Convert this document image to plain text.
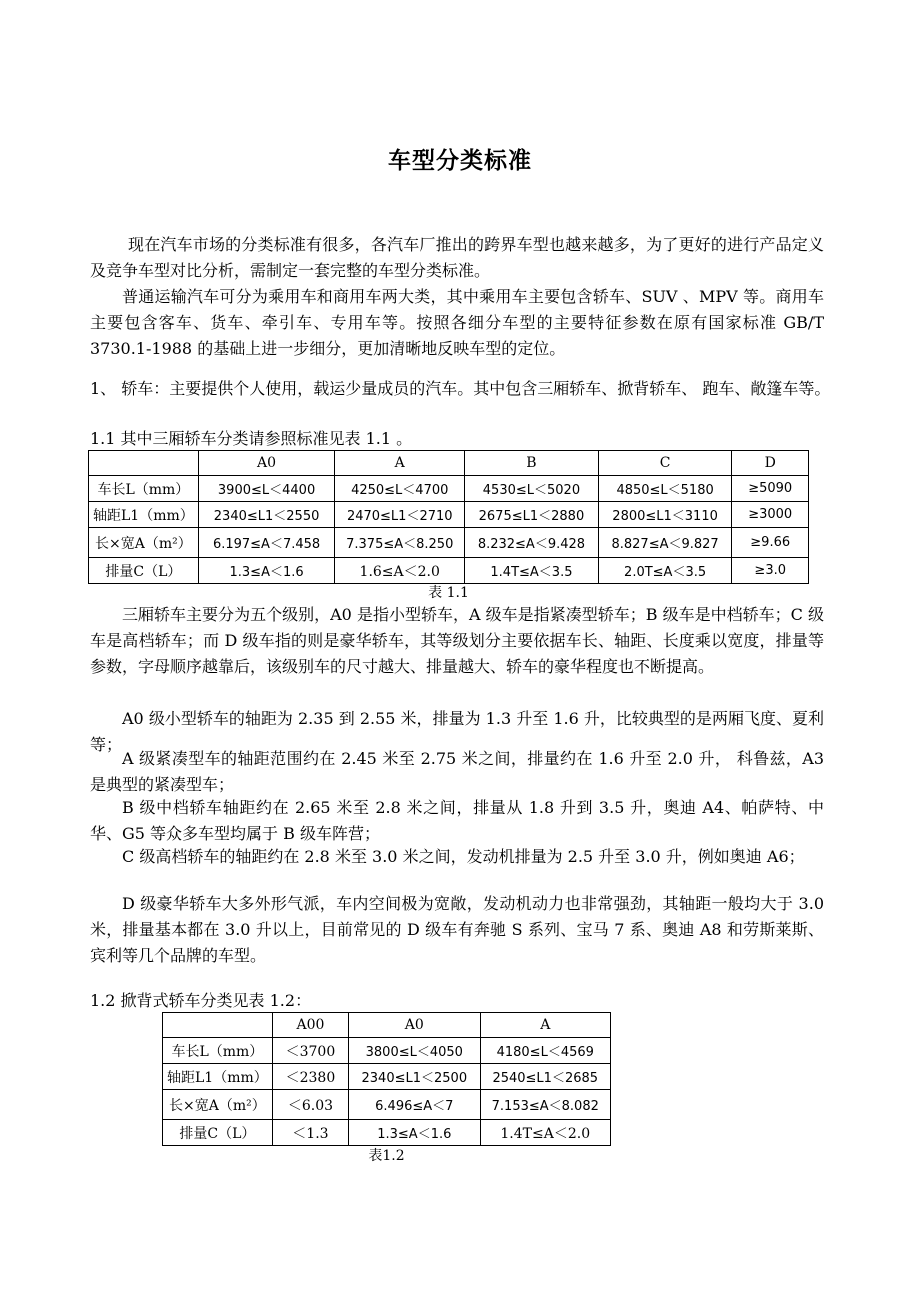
车型分类标准

现在汽车市场的分类标准有很多，各汽车厂推出的跨界车型也越来越多，为了更好的进行产品定义及竞争车型对比分析，需制定一套完整的车型分类标准。

普通运输汽车可分为乘用车和商用车两大类，其中乘用车主要包含轿车、SUV 、MPV 等。商用车主要包含客车、货车、牵引车、专用车等。按照各细分车型的主要特征参数在原有国家标准 GB/T 3730.1-1988 的基础上进一步细分，更加清晰地反映车型的定位。

1、 轿车：主要提供个人使用，载运少量成员的汽车。其中包含三厢轿车、掀背轿车、 跑车、敞篷车等。

1.1 其中三厢轿车分类请参照标准见表 1.1 。

	A0	A	B	C	D
车长L（mm）	3900≤L＜4400	4250≤L＜4700	4530≤L＜5020	4850≤L＜5180	≥5090
轴距L1（mm）	2340≤L1＜2550	2470≤L1＜2710	2675≤L1＜2880	2800≤L1＜3110	≥3000
长×宽A（m²）	6.197≤A＜7.458	7.375≤A＜8.250	8.232≤A＜9.428	8.827≤A＜9.827	≥9.66
排量C（L）	1.3≤A＜1.6	1.6≤A＜2.0	1.4T≤A＜3.5	2.0T≤A＜3.5	≥3.0

表 1.1

三厢轿车主要分为五个级别，A0 是指小型轿车，A 级车是指紧凑型轿车；B 级车是中档轿车；C 级车是高档轿车；而 D 级车指的则是豪华轿车，其等级划分主要依据车长、轴距、长度乘以宽度，排量等参数，字母顺序越靠后，该级别车的尺寸越大、排量越大、轿车的豪华程度也不断提高。

A0 级小型轿车的轴距为 2.35 到 2.55 米，排量为 1.3 升至 1.6 升，比较典型的是两厢飞度、夏利等；

A 级紧凑型车的轴距范围约在 2.45 米至 2.75 米之间，排量约在 1.6 升至 2.0 升， 科鲁兹，A3 是典型的紧凑型车；

B 级中档轿车轴距约在 2.65 米至 2.8 米之间，排量从 1.8 升到 3.5 升，奥迪 A4、帕萨特、中华、G5 等众多车型均属于 B 级车阵营；

C 级高档轿车的轴距约在 2.8 米至 3.0 米之间，发动机排量为 2.5 升至 3.0 升，例如奥迪 A6；

D 级豪华轿车大多外形气派，车内空间极为宽敞，发动机动力也非常强劲，其轴距一般均大于 3.0 米，排量基本都在 3.0 升以上，目前常见的 D 级车有奔驰 S 系列、宝马 7 系、奥迪 A8 和劳斯莱斯、宾利等几个品牌的车型。

1.2 掀背式轿车分类见表 1.2：

	A00	A0	A
车长L（mm）	＜3700	3800≤L＜4050	4180≤L＜4569
轴距L1（mm）	＜2380	2340≤L1＜2500	2540≤L1＜2685
长×宽A（m²）	＜6.03	6.496≤A＜7	7.153≤A＜8.082
排量C（L）	＜1.3	1.3≤A＜1.6	1.4T≤A＜2.0

表1.2
